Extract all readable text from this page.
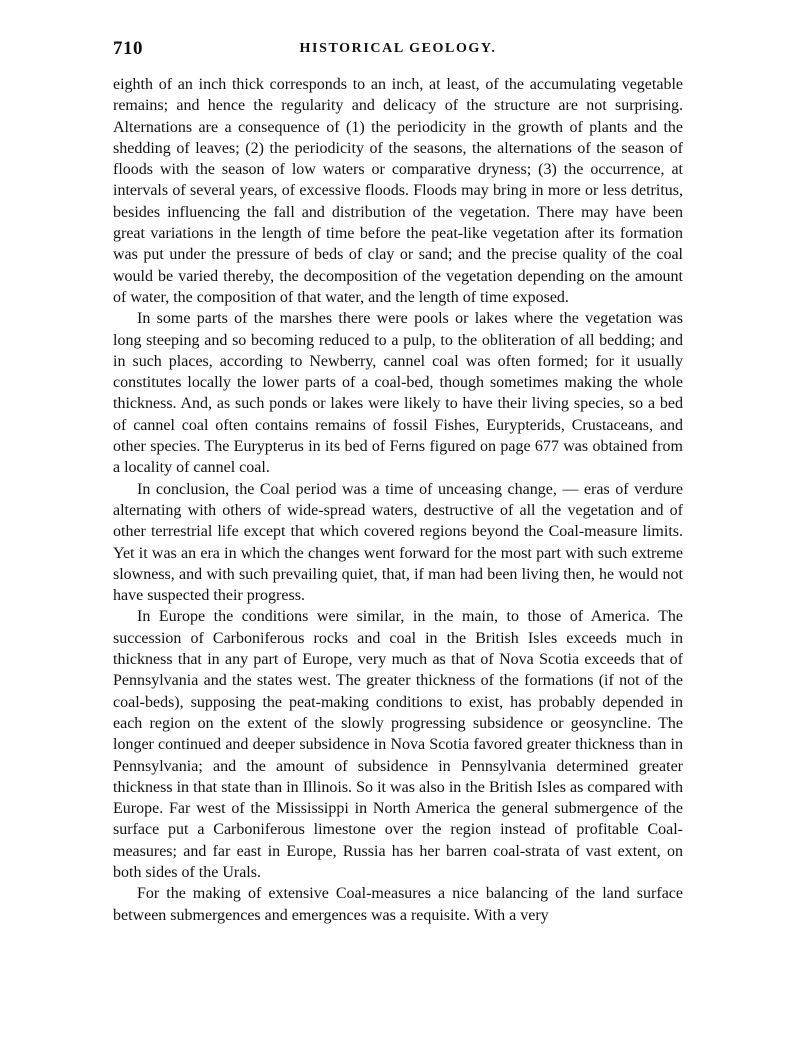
710	HISTORICAL GEOLOGY.

eighth of an inch thick corresponds to an inch, at least, of the accumulating vegetable remains; and hence the regularity and delicacy of the structure are not surprising. Alternations are a consequence of (1) the periodicity in the growth of plants and the shedding of leaves; (2) the periodicity of the seasons, the alternations of the season of floods with the season of low waters or comparative dryness; (3) the occurrence, at intervals of several years, of excessive floods. Floods may bring in more or less detritus, besides influencing the fall and distribution of the vegetation. There may have been great variations in the length of time before the peat-like vegetation after its formation was put under the pressure of beds of clay or sand; and the precise quality of the coal would be varied thereby, the decomposition of the vegetation depending on the amount of water, the composition of that water, and the length of time exposed.

In some parts of the marshes there were pools or lakes where the vegetation was long steeping and so becoming reduced to a pulp, to the obliteration of all bedding; and in such places, according to Newberry, cannel coal was often formed; for it usually constitutes locally the lower parts of a coal-bed, though sometimes making the whole thickness. And, as such ponds or lakes were likely to have their living species, so a bed of cannel coal often contains remains of fossil Fishes, Eurypterids, Crustaceans, and other species. The Eurypterus in its bed of Ferns figured on page 677 was obtained from a locality of cannel coal.

In conclusion, the Coal period was a time of unceasing change, — eras of verdure alternating with others of wide-spread waters, destructive of all the vegetation and of other terrestrial life except that which covered regions beyond the Coal-measure limits. Yet it was an era in which the changes went forward for the most part with such extreme slowness, and with such prevailing quiet, that, if man had been living then, he would not have suspected their progress.

In Europe the conditions were similar, in the main, to those of America. The succession of Carboniferous rocks and coal in the British Isles exceeds much in thickness that in any part of Europe, very much as that of Nova Scotia exceeds that of Pennsylvania and the states west. The greater thickness of the formations (if not of the coal-beds), supposing the peat-making conditions to exist, has probably depended in each region on the extent of the slowly progressing subsidence or geosyncline. The longer continued and deeper subsidence in Nova Scotia favored greater thickness than in Pennsylvania; and the amount of subsidence in Pennsylvania determined greater thickness in that state than in Illinois. So it was also in the British Isles as compared with Europe. Far west of the Mississippi in North America the general submergence of the surface put a Carboniferous limestone over the region instead of profitable Coal-measures; and far east in Europe, Russia has her barren coal-strata of vast extent, on both sides of the Urals.

For the making of extensive Coal-measures a nice balancing of the land surface between submergences and emergences was a requisite. With a very
